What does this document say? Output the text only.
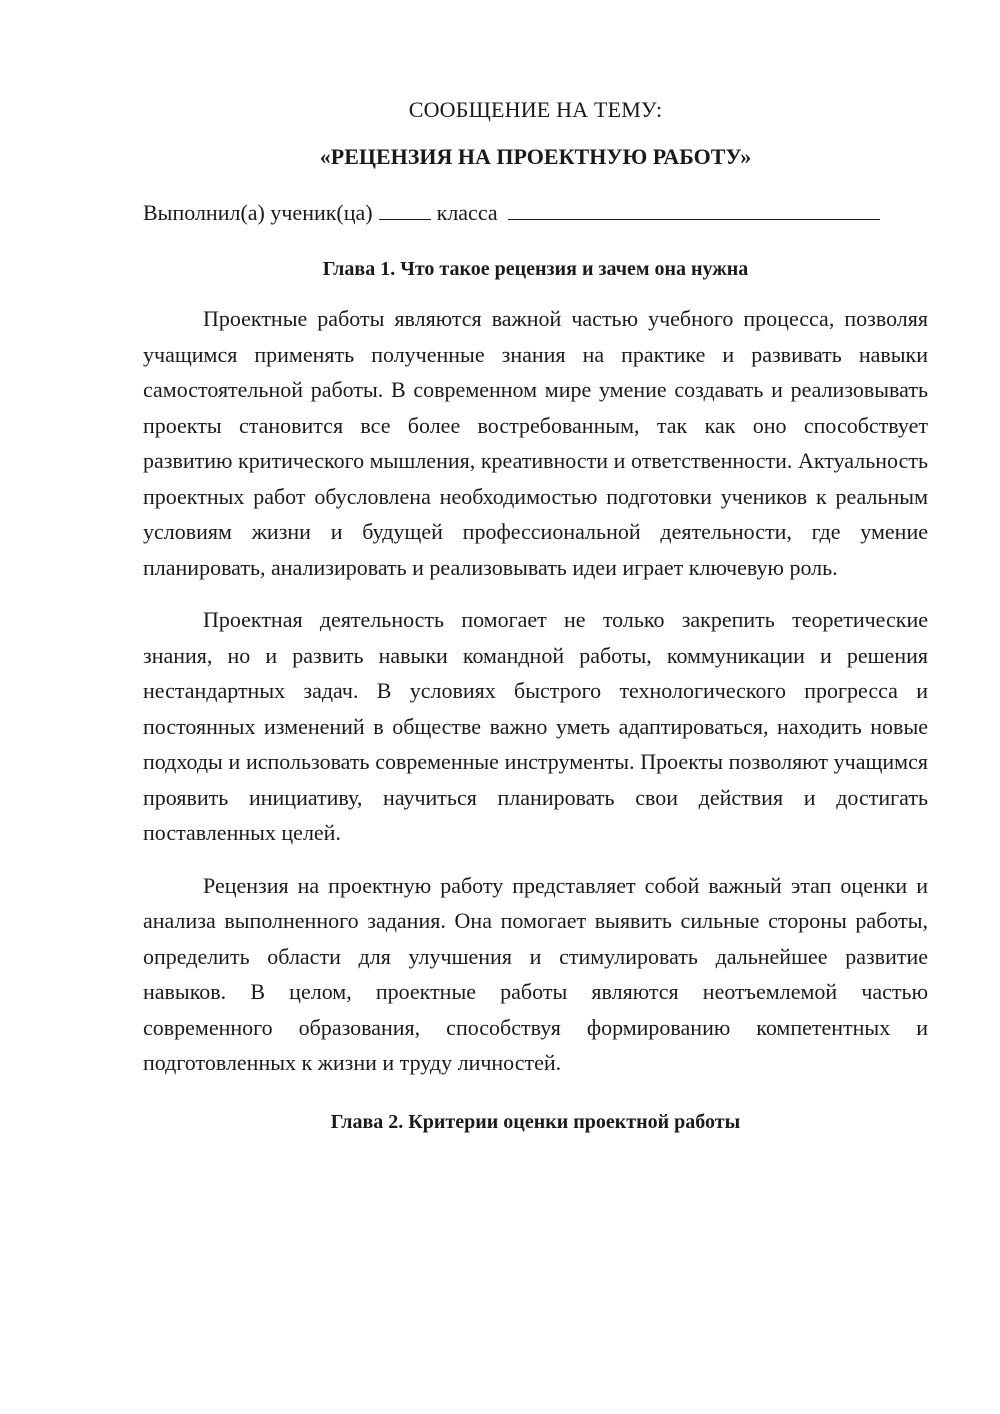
СООБЩЕНИЕ НА ТЕМУ:

«РЕЦЕНЗИЯ НА ПРОЕКТНУЮ РАБОТУ»

Выполнил(а) ученик(ца)	класса

Глава 1. Что такое рецензия и зачем она нужна

Проектные работы являются важной частью учебного процесса, позволяя учащимся применять полученные знания на практике и развивать навыки самостоятельной работы. В современном мире умение создавать и реализовывать проекты становится все более востребованным, так как оно способствует развитию критического мышления, креативности и ответственности. Актуальность проектных работ обусловлена необходимостью подготовки учеников к реальным условиям жизни и будущей профессиональной деятельности, где умение планировать, анализировать и реализовывать идеи играет ключевую роль.

Проектная деятельность помогает не только закрепить теоретические знания, но и развить навыки командной работы, коммуникации и решения нестандартных задач. В условиях быстрого технологического прогресса и постоянных изменений в обществе важно уметь адаптироваться, находить новые подходы и использовать современные инструменты. Проекты позволяют учащимся проявить инициативу, научиться планировать свои действия и достигать поставленных целей.

Рецензия на проектную работу представляет собой важный этап оценки и анализа выполненного задания. Она помогает выявить сильные стороны работы, определить области для улучшения и стимулировать дальнейшее развитие навыков. В целом, проектные работы являются неотъемлемой частью современного образования, способствуя формированию компетентных и подготовленных к жизни и труду личностей.

Глава 2. Критерии оценки проектной работы
